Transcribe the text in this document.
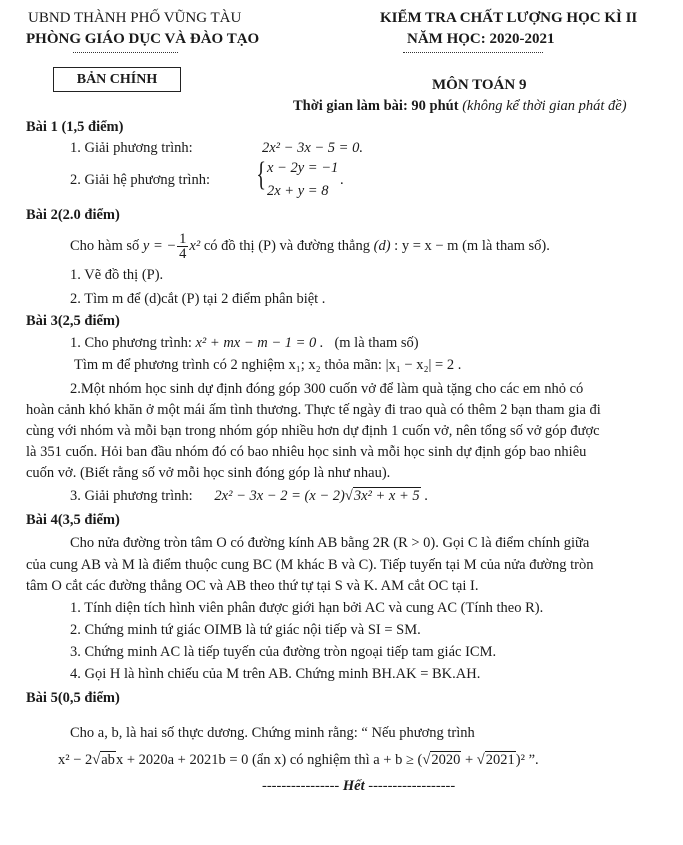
UBND THÀNH PHỐ VŨNG TÀU
PHÒNG GIÁO DỤC VÀ ĐÀO TẠO
BẢN CHÍNH
KIỂM TRA CHẤT LƯỢNG HỌC KÌ II
NĂM HỌC: 2020-2021
MÔN TOÁN 9
Thời gian làm bài: 90 phút (không kể thời gian phát đề)
Bài 1 (1,5 điểm)
1. Giải phương trình:	2x² − 3x − 5 = 0.
2. Giải hệ phương trình: { x − 2y = −1
2x + y = 8
.
Bài 2(2.0 điểm)
Cho hàm số y = − $\frac{1}{4} x^2$ có đồ thị (P) và đường thẳng (d) : y = x − m (m là tham số).
1. Vẽ đồ thị (P).
2. Tìm m để (d)cắt (P) tại 2 điểm phân biệt .
Bài 3(2,5 điểm)
1. Cho phương trình: x² + mx − m − 1 = 0 . (m là tham số)
Tìm m để phương trình có 2 nghiệm x₁; x₂ thỏa mãn: |x₁ − x₂| = 2 .
2.Một nhóm học sinh dự định đóng góp 300 cuốn vở để làm quà tặng cho các em nhỏ có
hoàn cảnh khó khăn ở một mái ấm tình thương. Thực tế ngày đi trao quà có thêm 2 bạn tham gia đi
cùng với nhóm và mỗi bạn trong nhóm góp nhiều hơn dự định 1 cuốn vở, nên tổng số vở góp được
là 351 cuốn. Hỏi ban đầu nhóm đó có bao nhiêu học sinh và mỗi học sinh dự định góp bao nhiêu
cuốn vở. (Biết rằng số vở mỗi học sinh đóng góp là như nhau).
3. Giải phương trình: 2x² − 3x − 2 = (x − 2)√3x² + x + 5 .
Bài 4(3,5 điểm)
Cho nửa đường tròn tâm O có đường kính AB bằng 2R (R > 0). Gọi C là điểm chính giữa
của cung AB và M là điểm thuộc cung BC (M khác B và C). Tiếp tuyến tại M của nửa đường tròn
tâm O cắt các đường thẳng OC và AB theo thứ tự tại S và K. AM cắt OC tại I.
1. Tính diện tích hình viên phân được giới hạn bởi AC và cung AC (Tính theo R).
2. Chứng minh tứ giác OIMB là tứ giác nội tiếp và SI = SM.
3. Chứng minh AC là tiếp tuyến của đường tròn ngoại tiếp tam giác ICM.
4. Gọi H là hình chiếu của M trên AB. Chứng minh BH.AK = BK.AH.
Bài 5(0,5 điểm)
Cho a, b, là hai số thực dương. Chứng minh rằng: “ Nếu phương trình
x² − 2√abx + 2020a + 2021b = 0 (ẩn x) có nghiệm thì a + b ≥ (√2020 + √2021)² ”.
---------------- Hết ------------------
